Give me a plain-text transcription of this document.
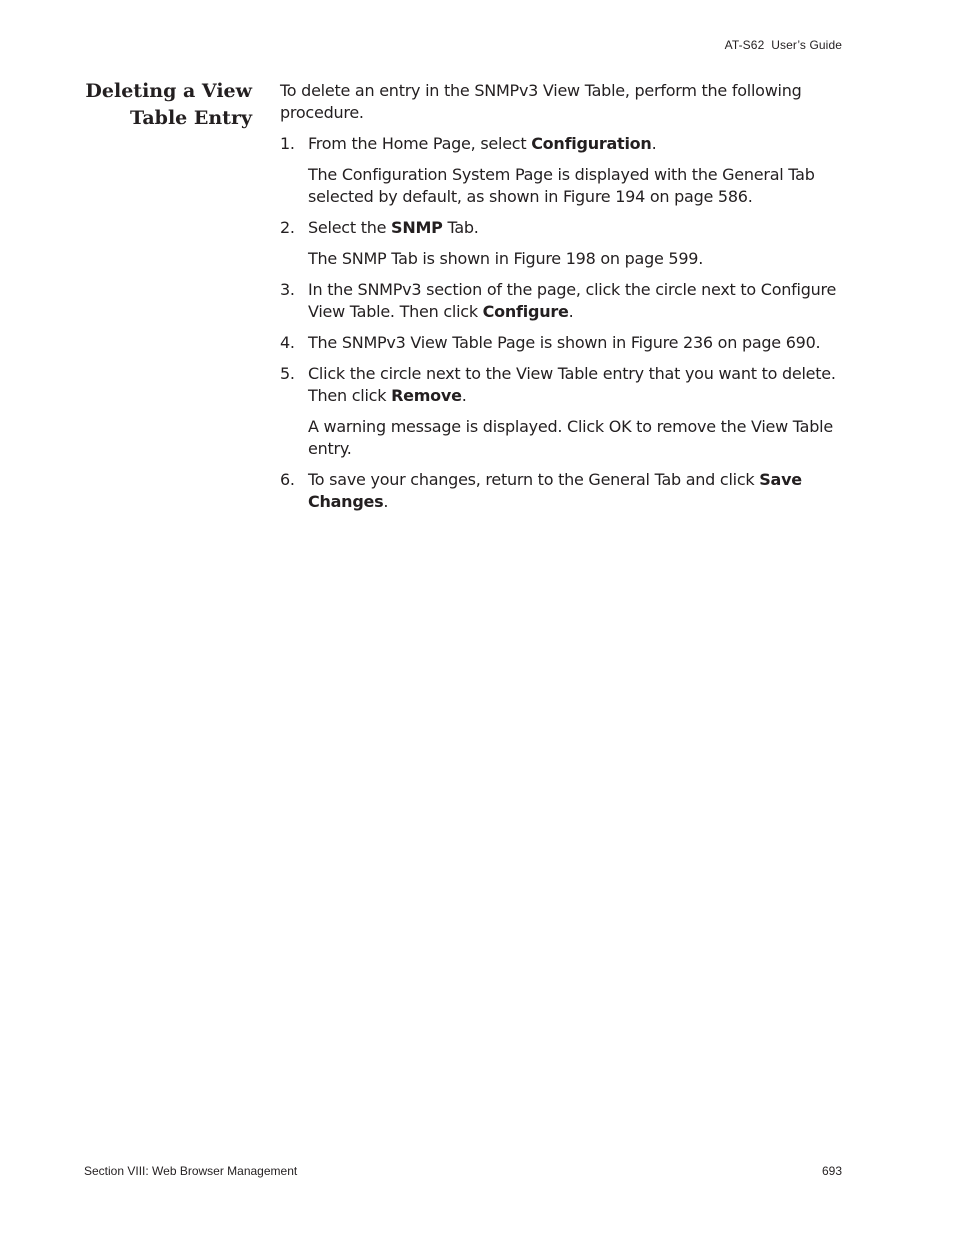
AT-S62  User’s Guide
Deleting a View
Table Entry

To delete an entry in the SNMPv3 View Table, perform the following procedure.

1. From the Home Page, select Configuration.

The Configuration System Page is displayed with the General Tab selected by default, as shown in Figure 194 on page 586.

2. Select the SNMP Tab.

The SNMP Tab is shown in Figure 198 on page 599.

3. In the SNMPv3 section of the page, click the circle next to Configure View Table. Then click Configure.

4. The SNMPv3 View Table Page is shown in Figure 236 on page 690.

5. Click the circle next to the View Table entry that you want to delete. Then click Remove.

A warning message is displayed. Click OK to remove the View Table entry.

6. To save your changes, return to the General Tab and click Save Changes.

Section VIII: Web Browser Management	693
